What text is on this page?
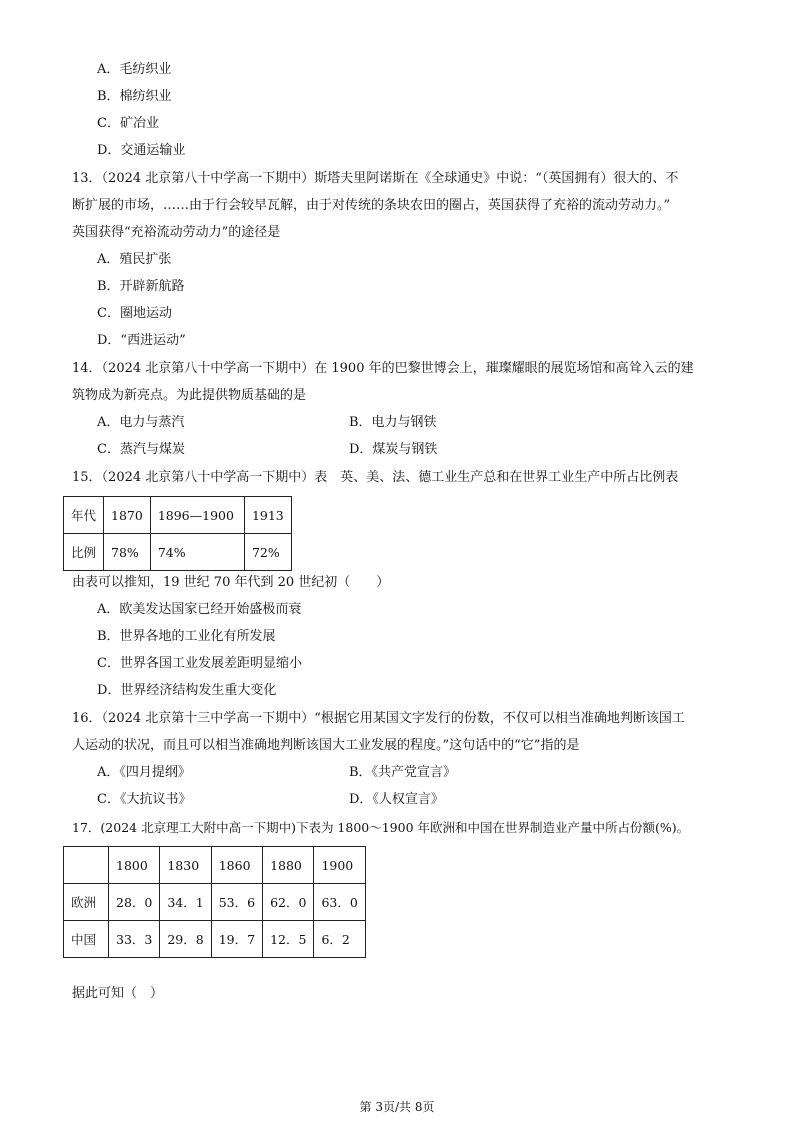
A．毛纺织业
B．棉纺织业
C．矿冶业
D．交通运输业
13．（2024 北京第八十中学高一下期中）斯塔夫里阿诺斯在《全球通史》中说：“（英国拥有）很大的、不
断扩展的市场，……由于行会较早瓦解，由于对传统的条块农田的圈占，英国获得了充裕的流动劳动力。”
英国获得“充裕流动劳动力”的途径是
A．殖民扩张
B．开辟新航路
C．圈地运动
D．“西进运动”
14．（2024 北京第八十中学高一下期中）在 1900 年的巴黎世博会上，璀璨耀眼的展览场馆和高耸入云的建
筑物成为新亮点。为此提供物质基础的是
A．电力与蒸汽	B．电力与钢铁
C．蒸汽与煤炭	D．煤炭与钢铁
15．（2024 北京第八十中学高一下期中）表　英、美、法、德工业生产总和在世界工业生产中所占比例表
年代	1870	1896—1900	1913
比例	78%	74%	72%
由表可以推知，19 世纪 70 年代到 20 世纪初（　　）
A．欧美发达国家已经开始盛极而衰
B．世界各地的工业化有所发展
C．世界各国工业发展差距明显缩小
D．世界经济结构发生重大变化
16．（2024 北京第十三中学高一下期中）“根据它用某国文字发行的份数，不仅可以相当准确地判断该国工
人运动的状况，而且可以相当准确地判断该国大工业发展的程度。”这句话中的“它”指的是
A．《四月提纲》	B．《共产党宣言》
C．《大抗议书》	D．《人权宣言》
17．(2024 北京理工大附中高一下期中)下表为 1800～1900 年欧洲和中国在世界制造业产量中所占份额(%)。
	1800	1830	1860	1880	1900
欧洲	28．0	34．1	53．6	62．0	63．0
中国	33．3	29．8	19．7	12．5	6．2
据此可知（　）
第 3页/共 8页
